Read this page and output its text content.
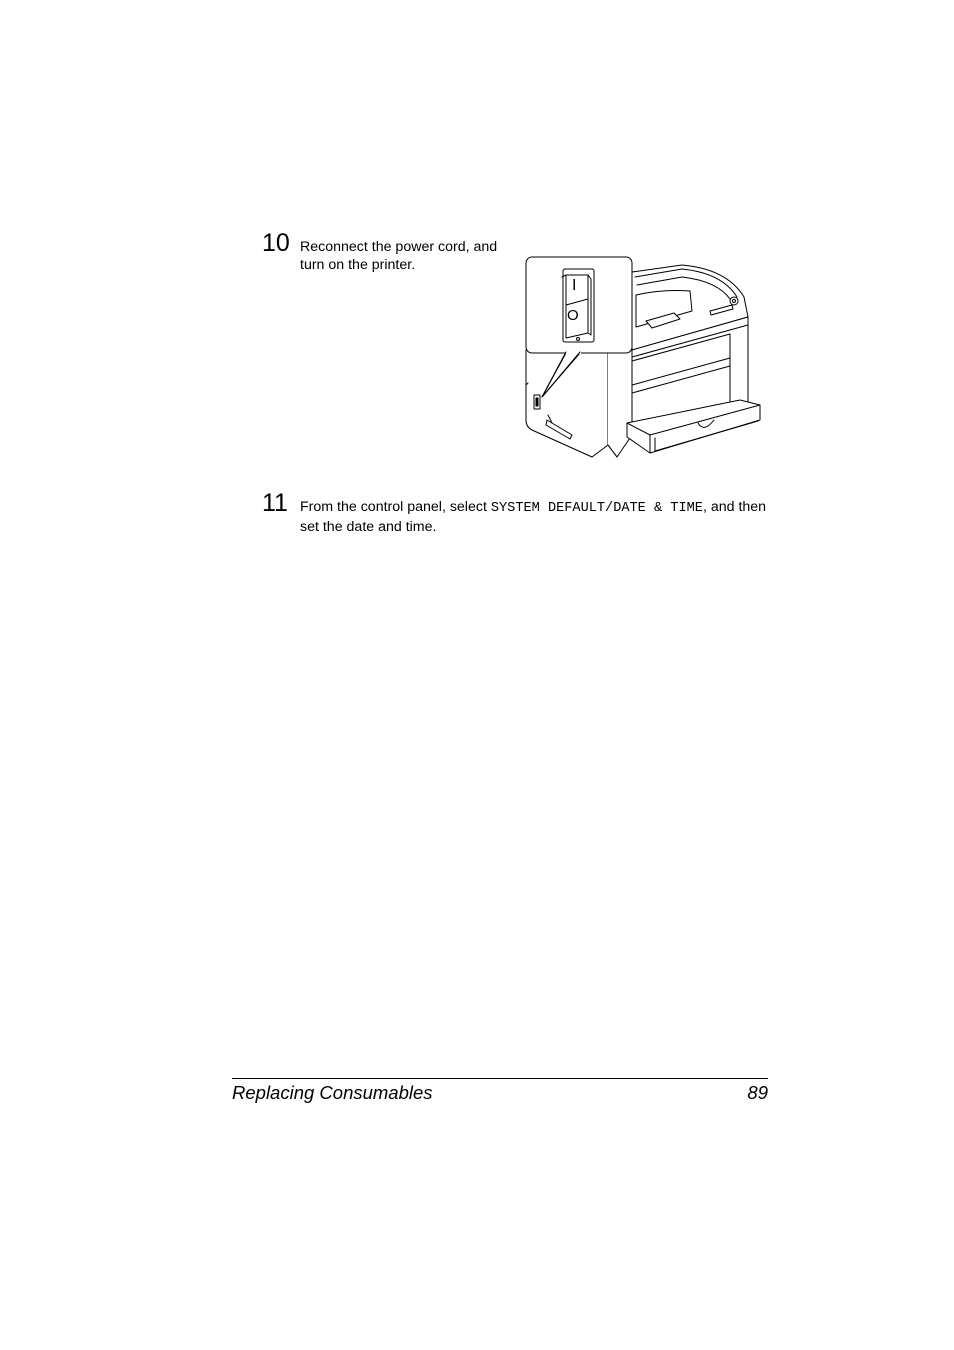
10 Reconnect the power cord, and turn on the printer.
I
O
11 From the control panel, select SYSTEM DEFAULT/DATE & TIME, and then set the date and time.
Replacing Consumables	89
